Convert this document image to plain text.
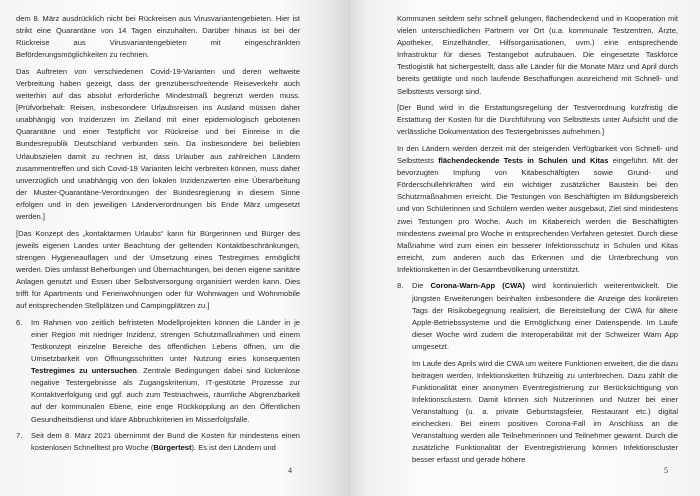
dem 8. März ausdrücklich nicht bei Rückreisen aus Virusvariantengebieten. Hier ist strikt eine Quarantäne von 14 Tagen einzuhalten. Darüber hinaus ist bei der Rückreise aus Virusvariantengebieten mit eingeschränkten Beförderungsmöglichkeiten zu rechnen.

Das Auftreten von verschiedenen Covid-19-Varianten und deren weltweite Verbreitung haben gezeigt, dass der grenzüberschreitende Reiseverkehr auch weiterhin auf das absolut erforderliche Mindestmaß begrenzt werden muss. [Prüfvorbehalt: Reisen, insbesondere Urlaubsreisen ins Ausland müssen daher unabhängig von Inzidenzen im Zielland mit einer epidemiologisch gebotenen Quarantäne und einer Testpflicht vor Rückreise und bei Einreise in die Bundesrepublik Deutschland verbunden sein. Da insbesondere bei beliebten Urlaubszielen damit zu rechnen ist, dass Urlauber aus zahlreichen Ländern zusammentreffen und sich Covid-19 Varianten leicht verbreiten können, muss daher unverzüglich und unabhängig von den lokalen Inzidenzwerten eine Überarbeitung der Muster-Quarantäne-Verordnungen der Bundesregierung in diesem Sinne erfolgen und in den jeweiligen Länderverordnungen bis Ende März umgesetzt werden.]

[Das Konzept des „kontaktarmen Urlaubs“ kann für Bürgerinnen und Bürger des jeweils eigenen Landes unter Beachtung der geltenden Kontaktbeschränkungen, strengen Hygieneauflagen und der Umsetzung eines Testregimes ermöglicht werden. Dies umfasst Beherbungen und Übernachtungen, bei denen eigene sanitäre Anlagen genutzt und Essen über Selbstversorgung organisiert werden kann. Dies trifft für Apartments und Ferienwohnungen oder für Wohnwagen und Wohnmobile auf entsprechenden Stellplätzen und Campingplätzen zu.]

6. Im Rahmen von zeitlich befristeten Modellprojekten können die Länder in je einer Region mit niedriger Inzidenz, strengen Schutzmaßnahmen und einem Testkonzept einzelne Bereiche des öffentlichen Lebens öffnen, um die Umsetzbarkeit von Öffnungsschritten unter Nutzung eines konsequenten Testregimes zu untersuchen. Zentrale Bedingungen dabei sind lückenlose negative Testergebnisse als Zugangskriterium, IT-gestützte Prozesse zur Kontaktverfolgung und ggf. auch zum Testnachweis, räumliche Abgrenzbarkeit auf der kommunalen Ebene, eine enge Rückkopplung an den Öffentlichen Gesundheitsdienst und klare Abbruchkriterien im Misserfolgsfalle.

7. Seit dem 8. März 2021 übernimmt der Bund die Kosten für mindestens einen kostenlosen Schnelltest pro Woche (Bürgertest). Es ist den Ländern und

4

Kommunen seitdem sehr schnell gelungen, flächendeckend und in Kooperation mit vielen unterschiedlichen Partnern vor Ort (u.a. kommunale Testzentren, Ärzte, Apotheker, Einzelhändler, Hilfsorganisationen, uvm.) eine entsprechende Infrastruktur für dieses Testangebot aufzubauen. Die eingesetzte Taskforce Testlogistik hat sichergestellt, dass alle Länder für die Monate März und April durch bereits getätigte und noch laufende Beschaffungen ausreichend mit Schnell- und Selbsttests versorgt sind.

[Der Bund wird in die Erstattungsregelung der Testverordnung kurzfristig die Erstattung der Kosten für die Durchführung von Selbsttests unter Aufsicht und die verlässliche Dokumentation des Testergebnisses aufnehmen.]

In den Ländern werden derzeit mit der steigenden Verfügbarkeit von Schnell- und Selbsttests flächendeckende Tests in Schulen und Kitas eingeführt. Mit der bevorzugten Impfung von Kitabeschäftigten sowie Grund- und Förderschullehrkräften wird ein wichtiger zusätzlicher Baustein bei den Schutzmaßnahmen erreicht. Die Testungen von Beschäftigten im Bildungsbereich und von Schülerinnen und Schülern werden weiter ausgebaut, Ziel sind mindestens zwei Testungen pro Woche. Auch im Kitabereich werden die Beschäftigten mindestens zweimal pro Woche in entsprechenden Verfahren getestet. Durch diese Maßnahme wird zum einen ein besserer Infektionsschutz in Schulen und Kitas erreicht, zum anderen auch das Erkennen und die Unterbrechung von Infektionsketten in der Gesamtbevölkerung unterstützt.

8. Die Corona-Warn-App (CWA) wird kontinuierlich weiterentwickelt. Die jüngsten Erweiterungen beinhalten insbesondere die Anzeige des konkreten Tags der Risikobegegnung realisiert, die Bereitstellung der CWA für ältere Apple-Betriebssysteme und die Ermöglichung einer Datenspende. Im Laufe dieser Woche wird zudem die Interoperabilität mit der Schweizer Warn App umgesetzt.

Im Laufe des Aprils wird die CWA um weitere Funktionen erweitert, die die dazu beitragen werden, Infektionsketten frühzeitig zu unterbrechen. Dazu zählt die Funktionalität einer anonymen Eventregistrierung zur Berücksichtigung von Infektionsclustern. Damit können sich Nutzerinnen und Nutzer bei einer Veranstaltung (u. a. private Geburtstagsfeier, Restaurant etc.) digital einchecken. Bei einem positiven Corona-Fall im Anschluss an die Veranstaltung werden alle Teilnehmerinnen und Teilnehmer gewarnt. Durch die zusätzliche Funktionalität der Eventregistrierung können Infektionscluster besser erfasst und gerade höhere

5
